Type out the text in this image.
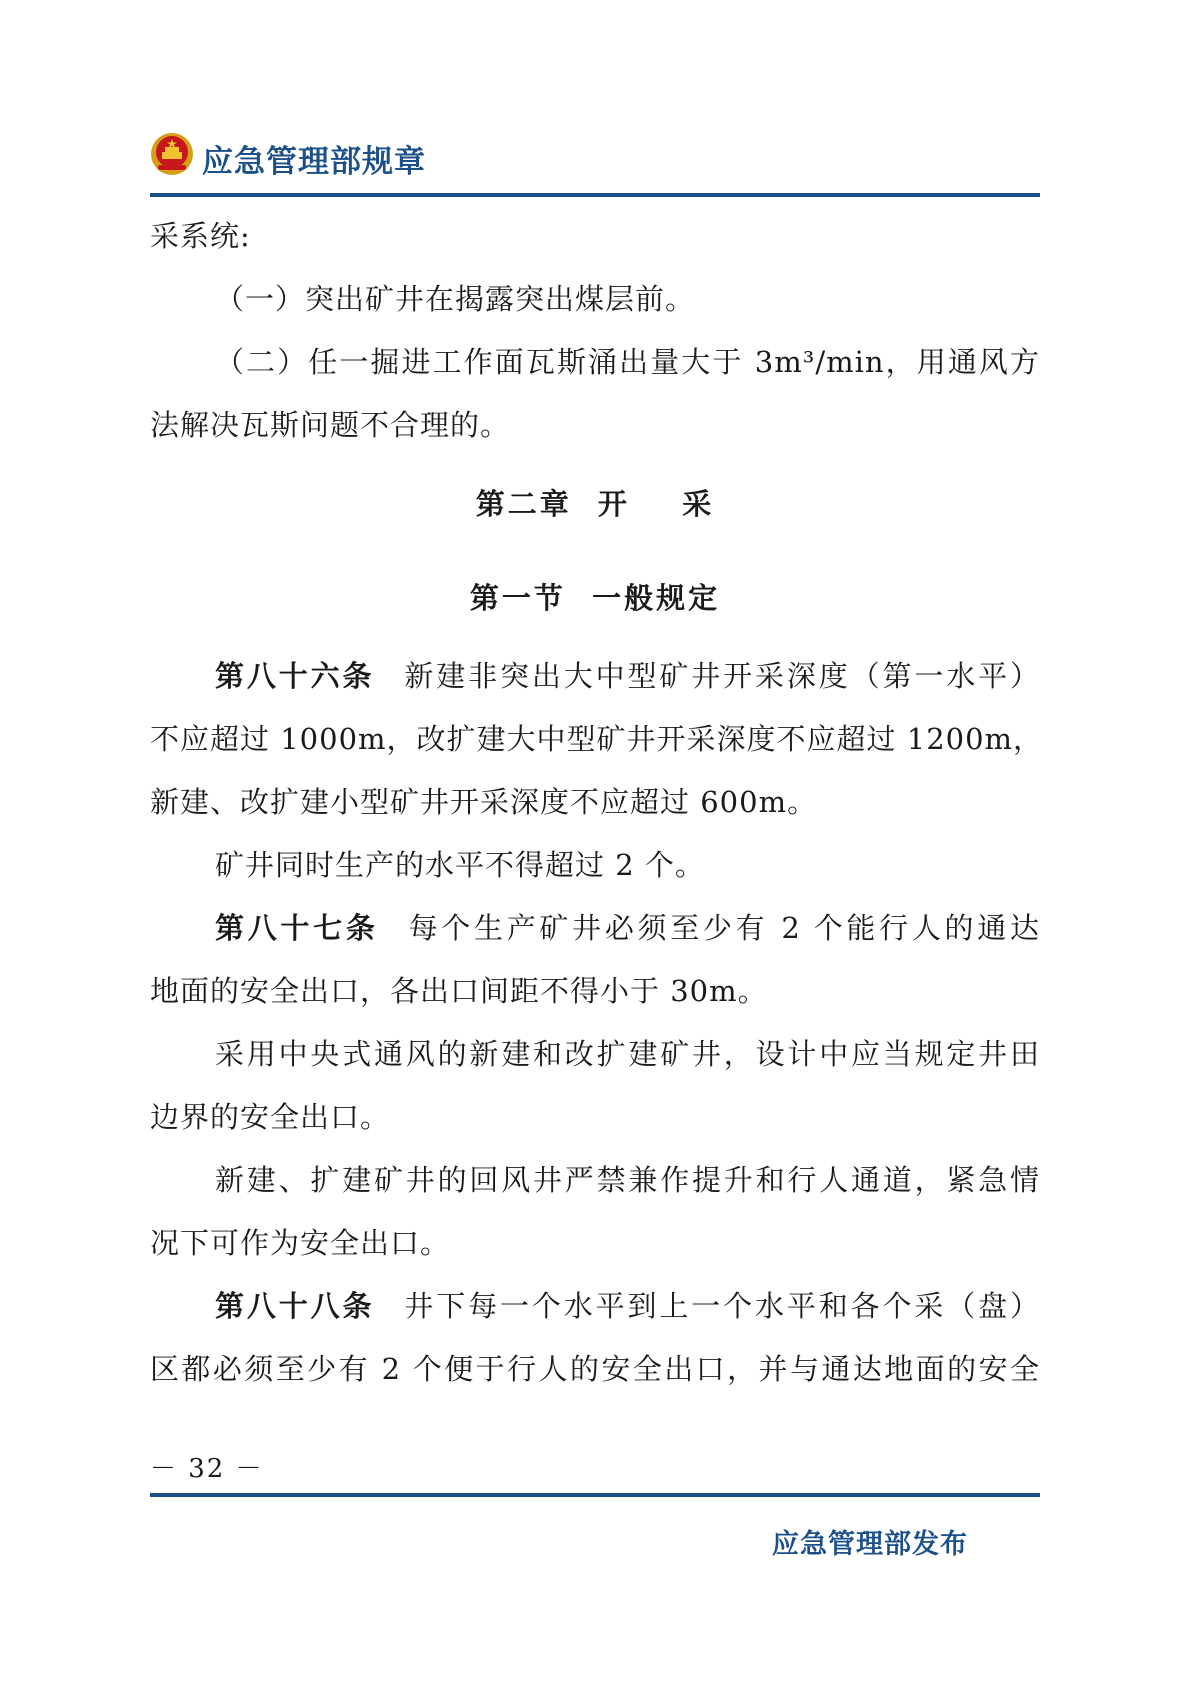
应急管理部规章
采系统:
（一）突出矿井在揭露突出煤层前。
（二）任一掘进工作面瓦斯涌出量大于 3m³/min，用通风方
法解决瓦斯问题不合理的。
第二章  开    采
第一节  一般规定
第八十六条 新建非突出大中型矿井开采深度（第一水平）
不应超过 1000m，改扩建大中型矿井开采深度不应超过 1200m，
新建、改扩建小型矿井开采深度不应超过 600m。
矿井同时生产的水平不得超过 2 个。
第八十七条 每个生产矿井必须至少有 2 个能行人的通达
地面的安全出口，各出口间距不得小于 30m。
采用中央式通风的新建和改扩建矿井，设计中应当规定井田
边界的安全出口。
新建、扩建矿井的回风井严禁兼作提升和行人通道，紧急情
况下可作为安全出口。
第八十八条 井下每一个水平到上一个水平和各个采（盘）
区都必须至少有 2 个便于行人的安全出口，并与通达地面的安全
－ 32 －
应急管理部发布
